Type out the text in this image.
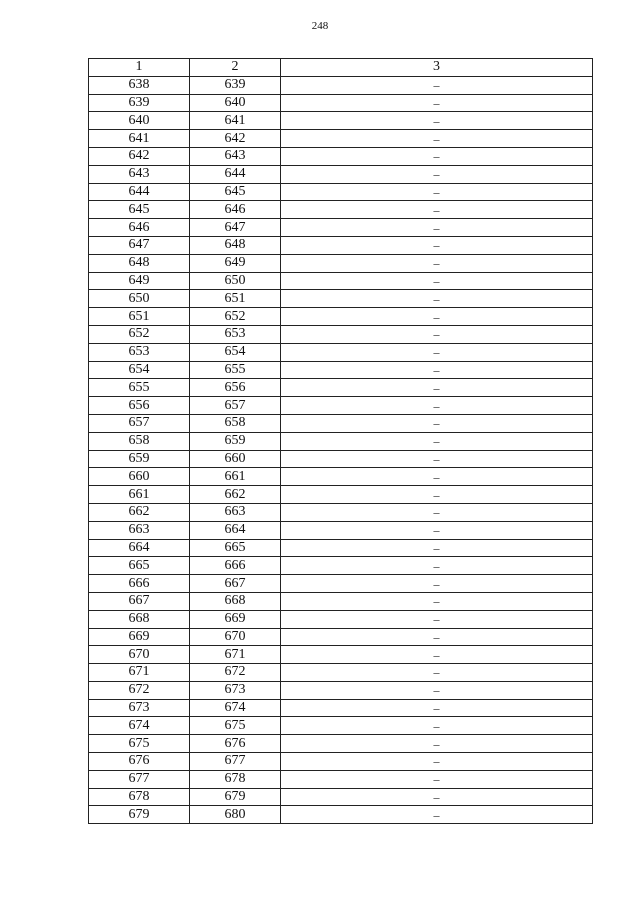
248
1	2	3
638	639	–
639	640	–
640	641	–
641	642	–
642	643	–
643	644	–
644	645	–
645	646	–
646	647	–
647	648	–
648	649	–
649	650	–
650	651	–
651	652	–
652	653	–
653	654	–
654	655	–
655	656	–
656	657	–
657	658	–
658	659	–
659	660	–
660	661	–
661	662	–
662	663	–
663	664	–
664	665	–
665	666	–
666	667	–
667	668	–
668	669	–
669	670	–
670	671	–
671	672	–
672	673	–
673	674	–
674	675	–
675	676	–
676	677	–
677	678	–
678	679	–
679	680	–
